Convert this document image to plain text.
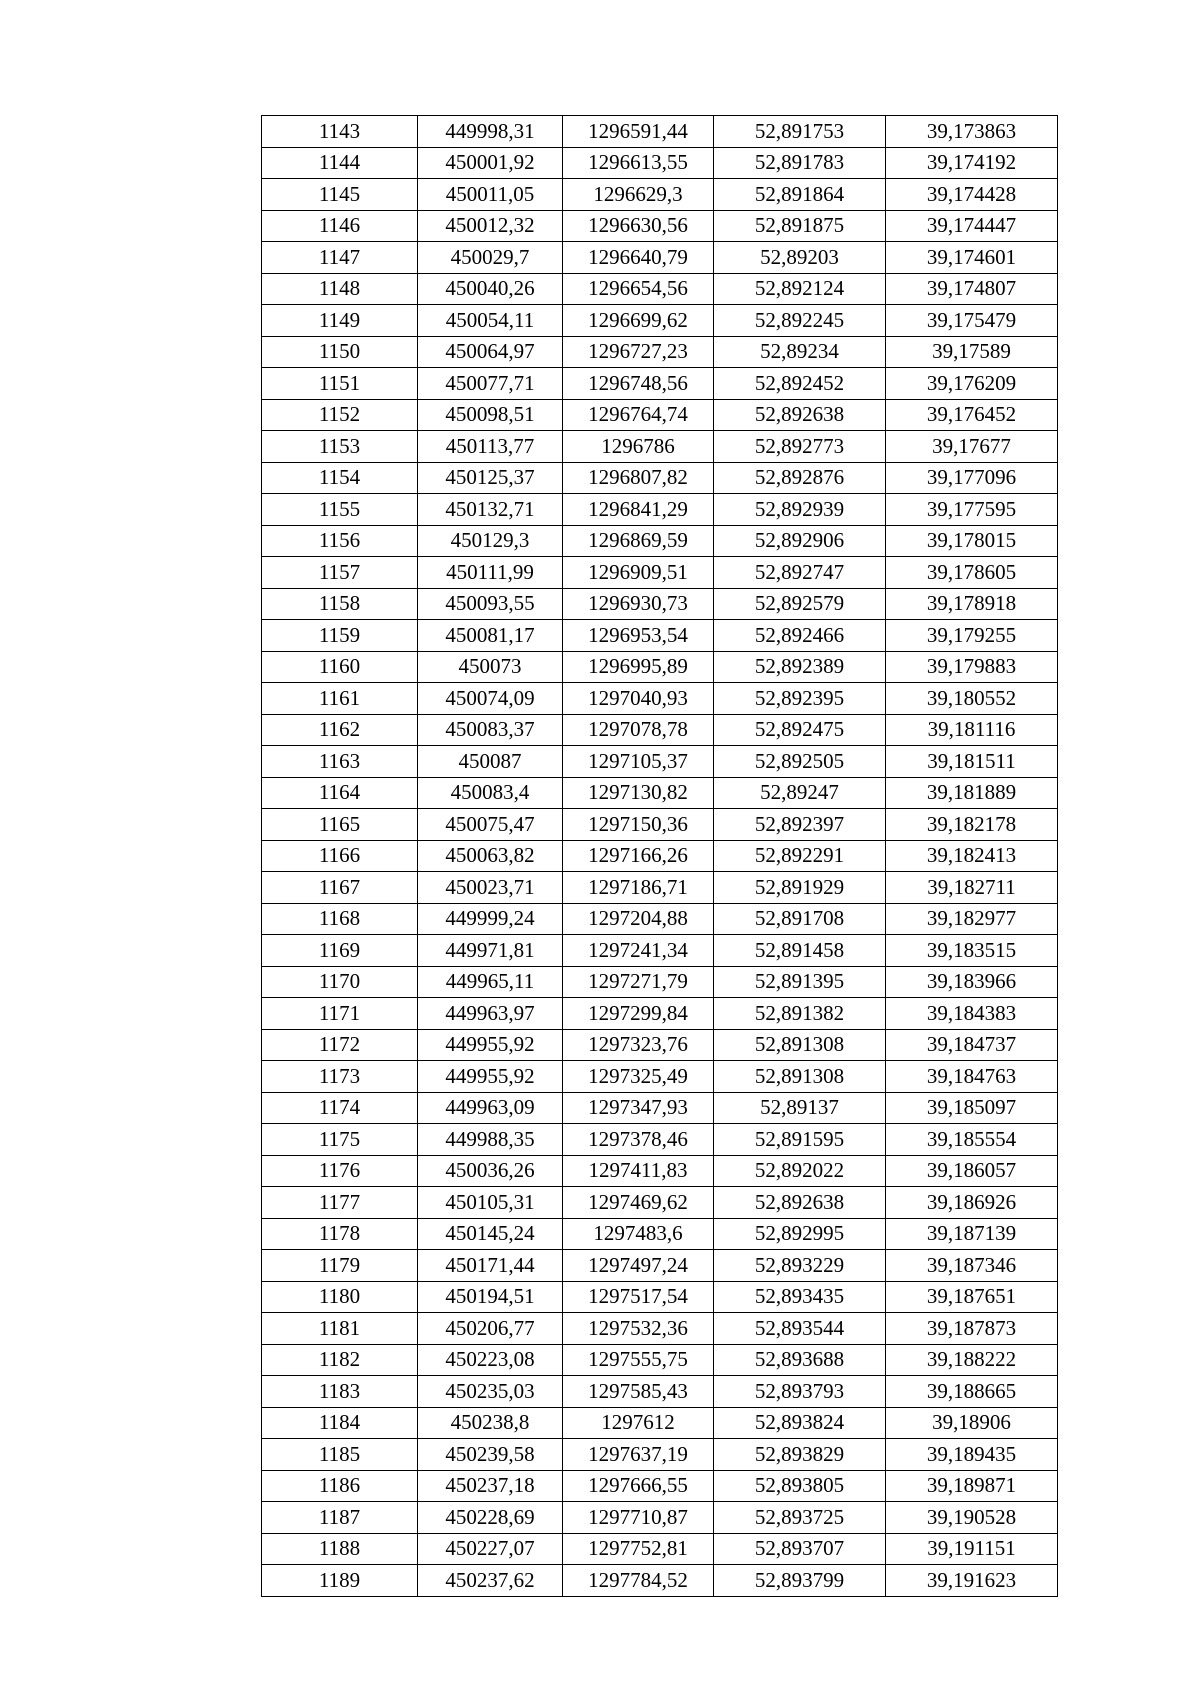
1143	449998,31	1296591,44	52,891753	39,173863
1144	450001,92	1296613,55	52,891783	39,174192
1145	450011,05	1296629,3	52,891864	39,174428
1146	450012,32	1296630,56	52,891875	39,174447
1147	450029,7	1296640,79	52,89203	39,174601
1148	450040,26	1296654,56	52,892124	39,174807
1149	450054,11	1296699,62	52,892245	39,175479
1150	450064,97	1296727,23	52,89234	39,17589
1151	450077,71	1296748,56	52,892452	39,176209
1152	450098,51	1296764,74	52,892638	39,176452
1153	450113,77	1296786	52,892773	39,17677
1154	450125,37	1296807,82	52,892876	39,177096
1155	450132,71	1296841,29	52,892939	39,177595
1156	450129,3	1296869,59	52,892906	39,178015
1157	450111,99	1296909,51	52,892747	39,178605
1158	450093,55	1296930,73	52,892579	39,178918
1159	450081,17	1296953,54	52,892466	39,179255
1160	450073	1296995,89	52,892389	39,179883
1161	450074,09	1297040,93	52,892395	39,180552
1162	450083,37	1297078,78	52,892475	39,181116
1163	450087	1297105,37	52,892505	39,181511
1164	450083,4	1297130,82	52,89247	39,181889
1165	450075,47	1297150,36	52,892397	39,182178
1166	450063,82	1297166,26	52,892291	39,182413
1167	450023,71	1297186,71	52,891929	39,182711
1168	449999,24	1297204,88	52,891708	39,182977
1169	449971,81	1297241,34	52,891458	39,183515
1170	449965,11	1297271,79	52,891395	39,183966
1171	449963,97	1297299,84	52,891382	39,184383
1172	449955,92	1297323,76	52,891308	39,184737
1173	449955,92	1297325,49	52,891308	39,184763
1174	449963,09	1297347,93	52,89137	39,185097
1175	449988,35	1297378,46	52,891595	39,185554
1176	450036,26	1297411,83	52,892022	39,186057
1177	450105,31	1297469,62	52,892638	39,186926
1178	450145,24	1297483,6	52,892995	39,187139
1179	450171,44	1297497,24	52,893229	39,187346
1180	450194,51	1297517,54	52,893435	39,187651
1181	450206,77	1297532,36	52,893544	39,187873
1182	450223,08	1297555,75	52,893688	39,188222
1183	450235,03	1297585,43	52,893793	39,188665
1184	450238,8	1297612	52,893824	39,18906
1185	450239,58	1297637,19	52,893829	39,189435
1186	450237,18	1297666,55	52,893805	39,189871
1187	450228,69	1297710,87	52,893725	39,190528
1188	450227,07	1297752,81	52,893707	39,191151
1189	450237,62	1297784,52	52,893799	39,191623
